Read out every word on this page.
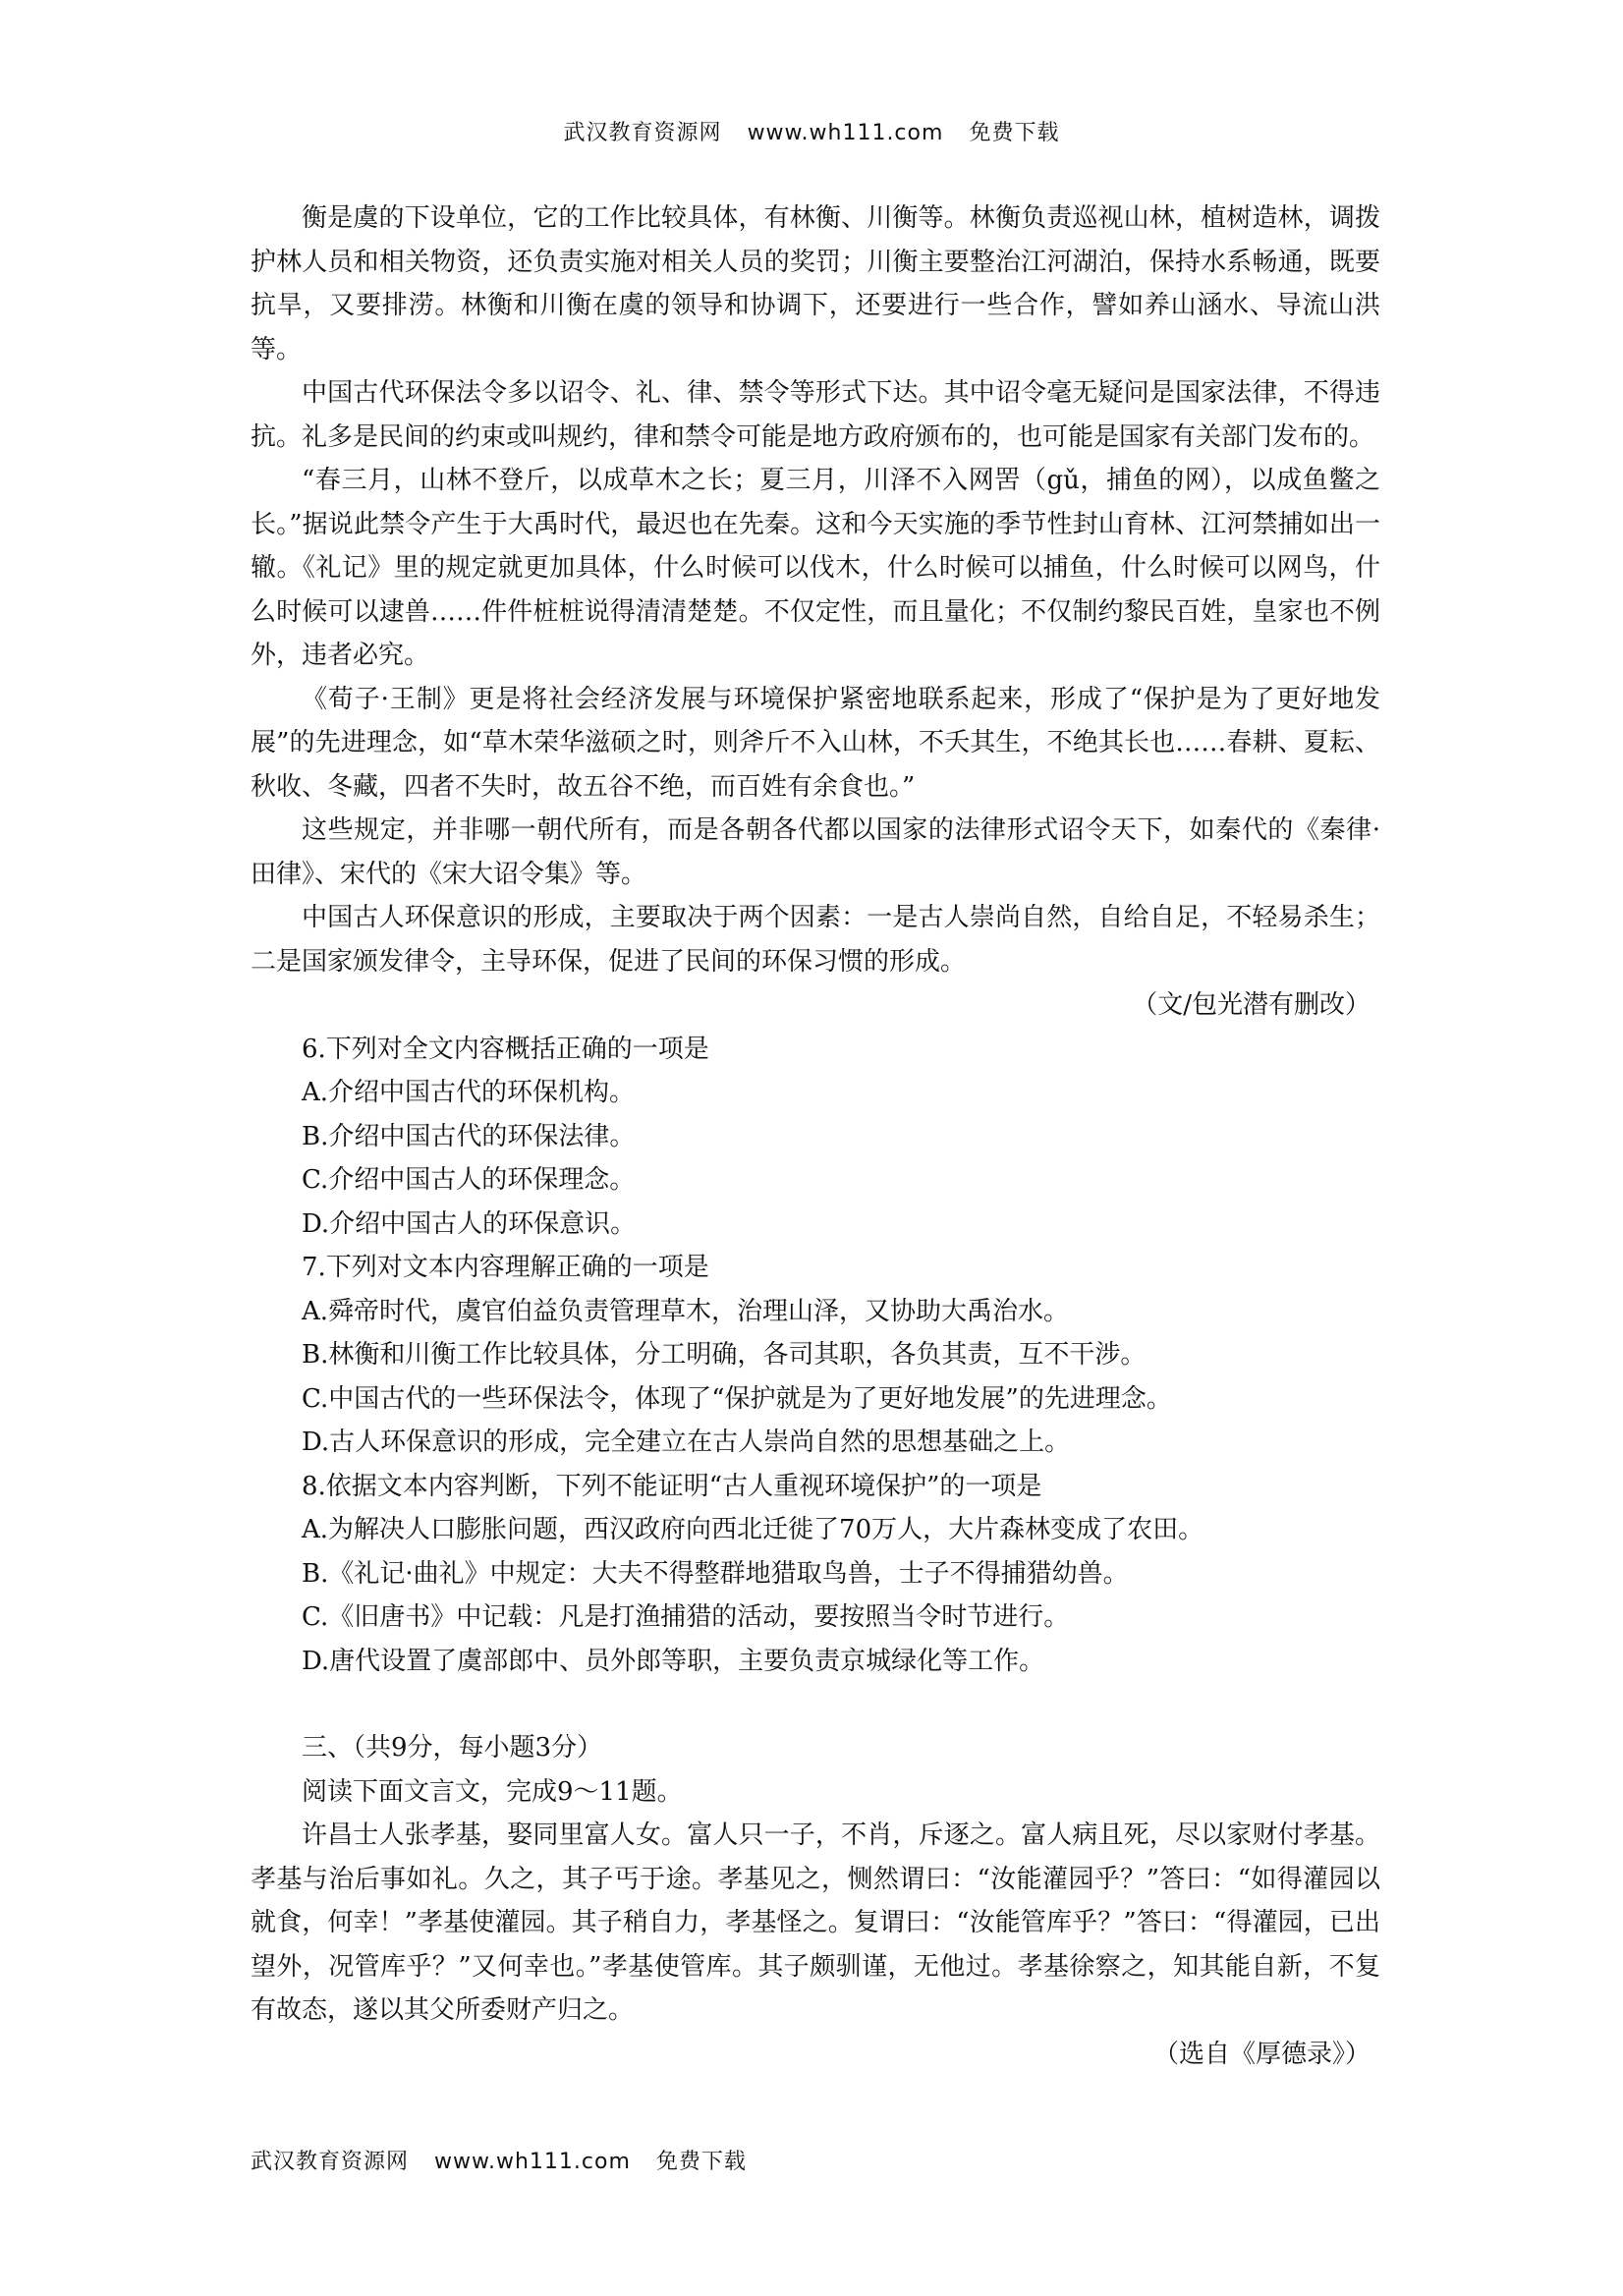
武汉教育资源网 www.wh111.com 免费下载

衡是虞的下设单位，它的工作比较具体，有林衡、川衡等。林衡负责巡视山林，植树造林，调拨护林人员和相关物资，还负责实施对相关人员的奖罚；川衡主要整治江河湖泊，保持水系畅通，既要抗旱，又要排涝。林衡和川衡在虞的领导和协调下，还要进行一些合作，譬如养山涵水、导流山洪等。

中国古代环保法令多以诏令、礼、律、禁令等形式下达。其中诏令毫无疑问是国家法律，不得违抗。礼多是民间的约束或叫规约，律和禁令可能是地方政府颁布的，也可能是国家有关部门发布的。

“春三月，山林不登斤，以成草木之长；夏三月，川泽不入网罟（gǔ，捕鱼的网），以成鱼鳖之长。”据说此禁令产生于大禹时代，最迟也在先秦。这和今天实施的季节性封山育林、江河禁捕如出一辙。《礼记》里的规定就更加具体，什么时候可以伐木，什么时候可以捕鱼，什么时候可以网鸟，什么时候可以逮兽……件件桩桩说得清清楚楚。不仅定性，而且量化；不仅制约黎民百姓，皇家也不例外，违者必究。

《荀子·王制》更是将社会经济发展与环境保护紧密地联系起来，形成了“保护是为了更好地发展”的先进理念，如“草木荣华滋硕之时，则斧斤不入山林，不夭其生，不绝其长也……春耕、夏耘、秋收、冬藏，四者不失时，故五谷不绝，而百姓有余食也。”

这些规定，并非哪一朝代所有，而是各朝各代都以国家的法律形式诏令天下，如秦代的《秦律·田律》、宋代的《宋大诏令集》等。

中国古人环保意识的形成，主要取决于两个因素：一是古人崇尚自然，自给自足，不轻易杀生；二是国家颁发律令，主导环保，促进了民间的环保习惯的形成。

（文/包光潜有删改）

6.下列对全文内容概括正确的一项是

A.介绍中国古代的环保机构。

B.介绍中国古代的环保法律。

C.介绍中国古人的环保理念。

D.介绍中国古人的环保意识。

7.下列对文本内容理解正确的一项是

A.舜帝时代，虞官伯益负责管理草木，治理山泽，又协助大禹治水。

B.林衡和川衡工作比较具体，分工明确，各司其职，各负其责，互不干涉。

C.中国古代的一些环保法令，体现了“保护就是为了更好地发展”的先进理念。

D.古人环保意识的形成，完全建立在古人崇尚自然的思想基础之上。

8.依据文本内容判断，下列不能证明“古人重视环境保护”的一项是

A.为解决人口膨胀问题，西汉政府向西北迁徙了70万人，大片森林变成了农田。

B.《礼记·曲礼》中规定：大夫不得整群地猎取鸟兽，士子不得捕猎幼兽。

C.《旧唐书》中记载：凡是打渔捕猎的活动，要按照当令时节进行。

D.唐代设置了虞部郎中、员外郎等职，主要负责京城绿化等工作。

三、（共9分，每小题3分）

阅读下面文言文，完成9～11题。

许昌士人张孝基，娶同里富人女。富人只一子，不肖，斥逐之。富人病且死，尽以家财付孝基。孝基与治后事如礼。久之，其子丐于途。孝基见之，恻然谓曰：“汝能灌园乎？”答曰：“如得灌园以就食，何幸！”孝基使灌园。其子稍自力，孝基怪之。复谓曰：“汝能管库乎？”答曰：“得灌园，已出望外，况管库乎？”又何幸也。”孝基使管库。其子颇驯谨，无他过。孝基徐察之，知其能自新，不复有故态，遂以其父所委财产归之。

（选自《厚德录》）

武汉教育资源网 www.wh111.com 免费下载
